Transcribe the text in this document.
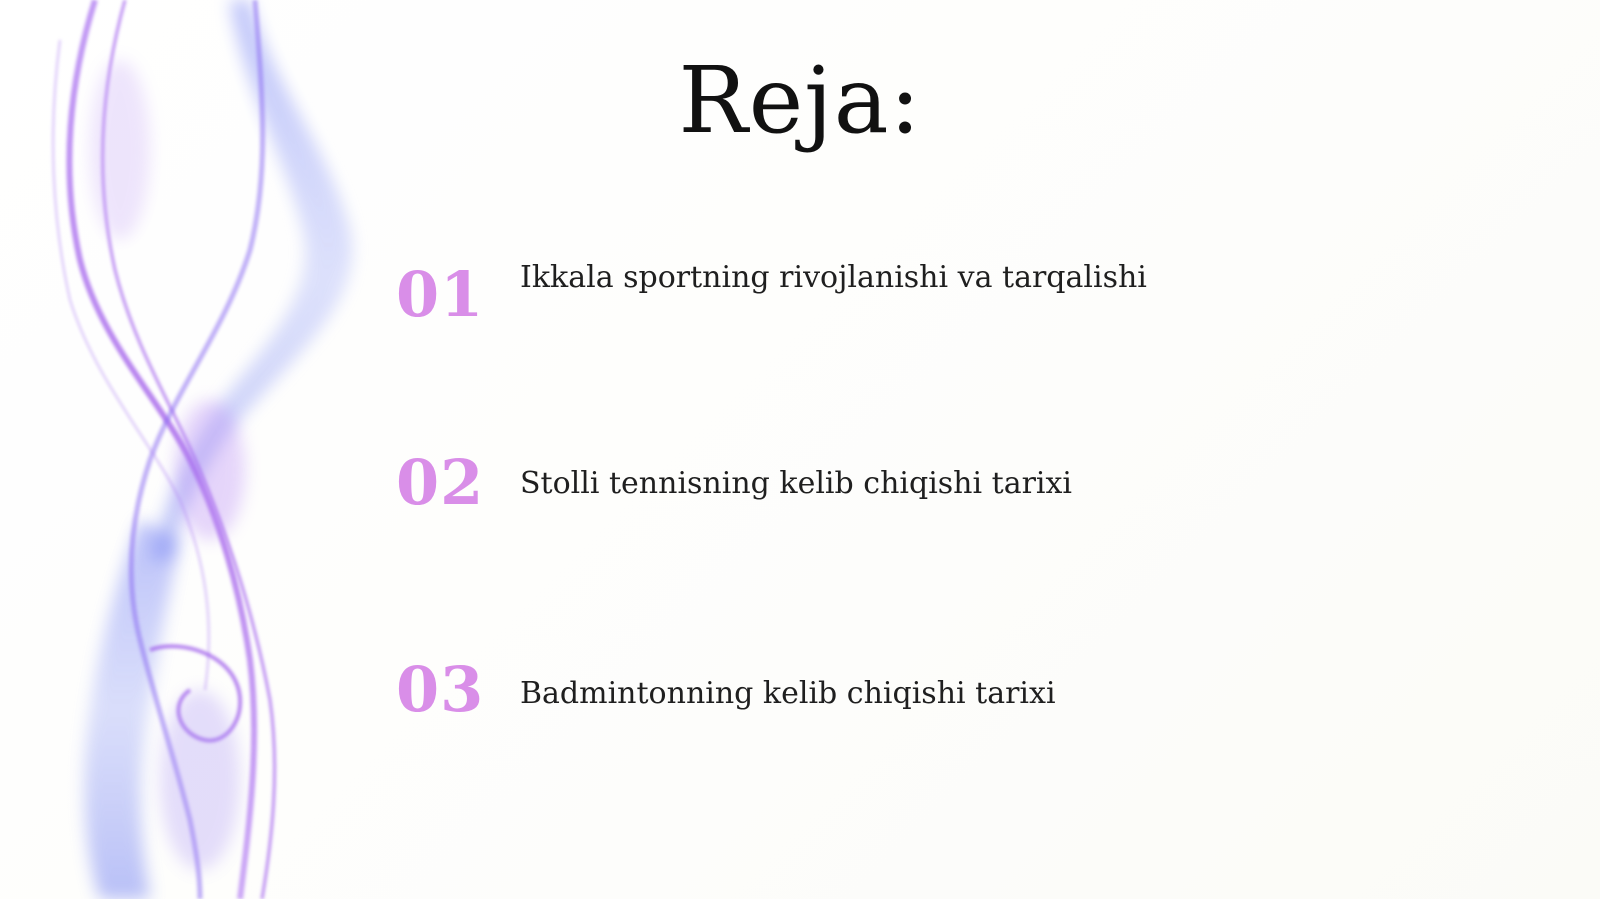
Reja:
01 Ikkala sportning rivojlanishi va tarqalishi
02 Stolli tennisning kelib chiqishi tarixi
03 Badmintonning kelib chiqishi tarixi
